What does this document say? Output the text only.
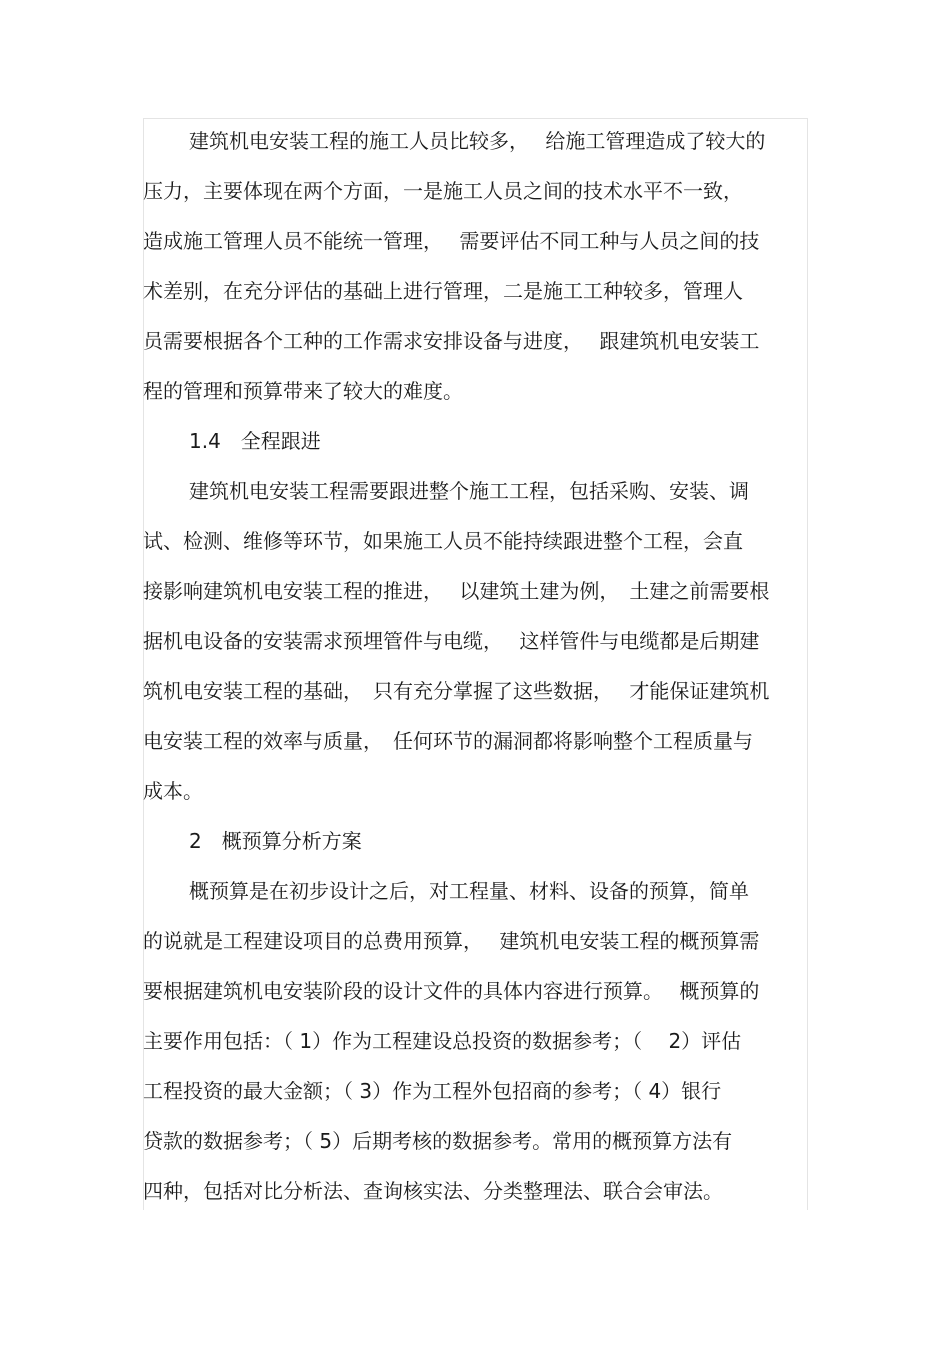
建筑机电安装工程的施工人员比较多，　 给施工管理造成了较大的
压力，主要体现在两个方面，一是施工人员之间的技术水平不一致，
造成施工管理人员不能统一管理，　 需要评估不同工种与人员之间的技
术差别，在充分评估的基础上进行管理，二是施工工种较多，管理人
员需要根据各个工种的工作需求安排设备与进度，　 跟建筑机电安装工
程的管理和预算带来了较大的难度。
1.4　全程跟进
建筑机电安装工程需要跟进整个施工工程，包括采购、安装、调
试、检测、维修等环节，如果施工人员不能持续跟进整个工程，会直
接影响建筑机电安装工程的推进，　 以建筑土建为例，　土建之前需要根
据机电设备的安装需求预埋管件与电缆，　 这样管件与电缆都是后期建
筑机电安装工程的基础，　只有充分掌握了这些数据，　 才能保证建筑机
电安装工程的效率与质量，　任何环节的漏洞都将影响整个工程质量与
成本。
2　概预算分析方案
概预算是在初步设计之后，对工程量、材料、设备的预算，简单
的说就是工程建设项目的总费用预算，　 建筑机电安装工程的概预算需
要根据建筑机电安装阶段的设计文件的具体内容进行预算。　 概预算的
主要作用包括：（ 1）作为工程建设总投资的数据参考；（　 2）评估
工程投资的最大金额；（ 3）作为工程外包招商的参考；（ 4）银行
贷款的数据参考；（ 5）后期考核的数据参考。常用的概预算方法有
四种，包括对比分析法、查询核实法、分类整理法、联合会审法。
